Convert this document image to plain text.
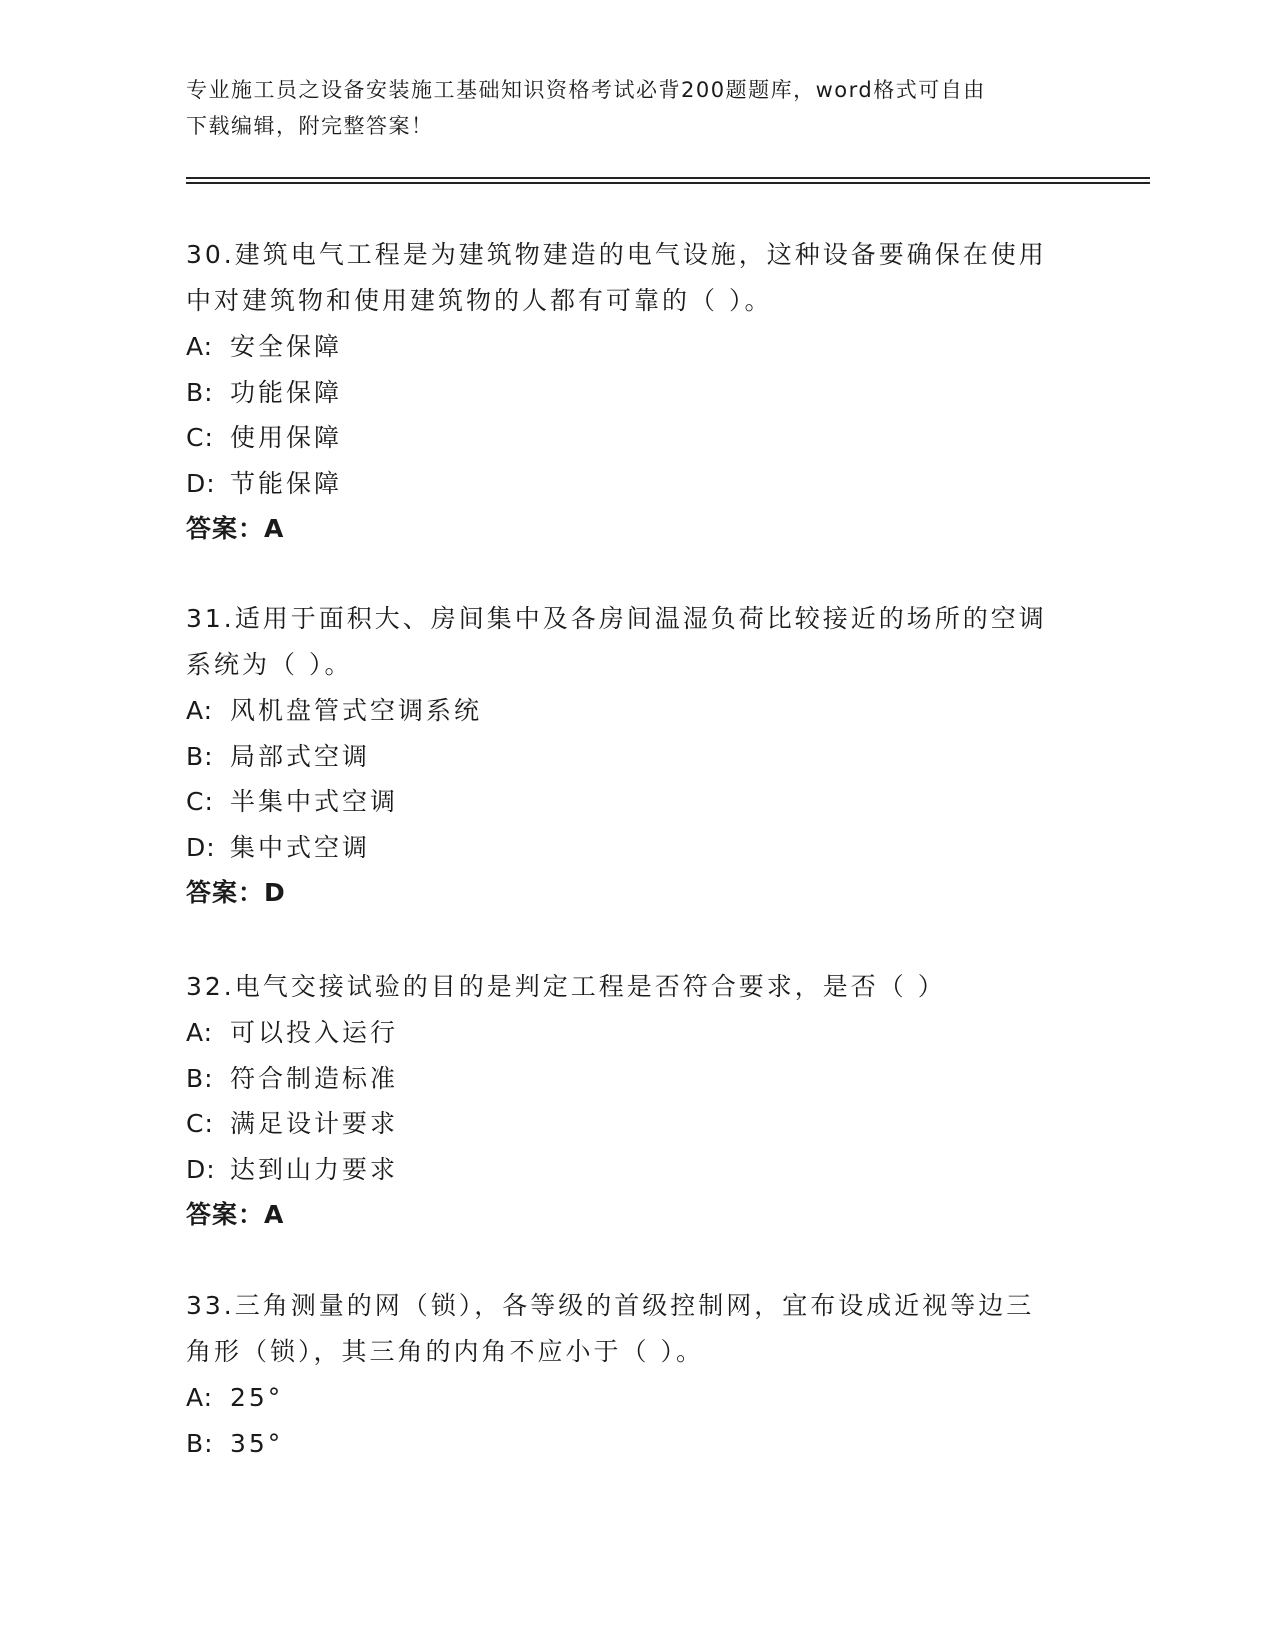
专业施工员之设备安装施工基础知识资格考试必背200题题库，word格式可自由
下载编辑，附完整答案！
30.建筑电气工程是为建筑物建造的电气设施，这种设备要确保在使用
中对建筑物和使用建筑物的人都有可靠的（ ）。
A: 安全保障
B: 功能保障
C: 使用保障
D: 节能保障
答案：A
31.适用于面积大、房间集中及各房间温湿负荷比较接近的场所的空调
系统为（ ）。
A: 风机盘管式空调系统
B: 局部式空调
C: 半集中式空调
D: 集中式空调
答案：D
32.电气交接试验的目的是判定工程是否符合要求，是否（ ）
A: 可以投入运行
B: 符合制造标准
C: 满足设计要求
D: 达到山力要求
答案：A
33.三角测量的网（锁），各等级的首级控制网，宜布设成近视等边三
角形（锁），其三角的内角不应小于（ ）。
A: 25°
B: 35°
